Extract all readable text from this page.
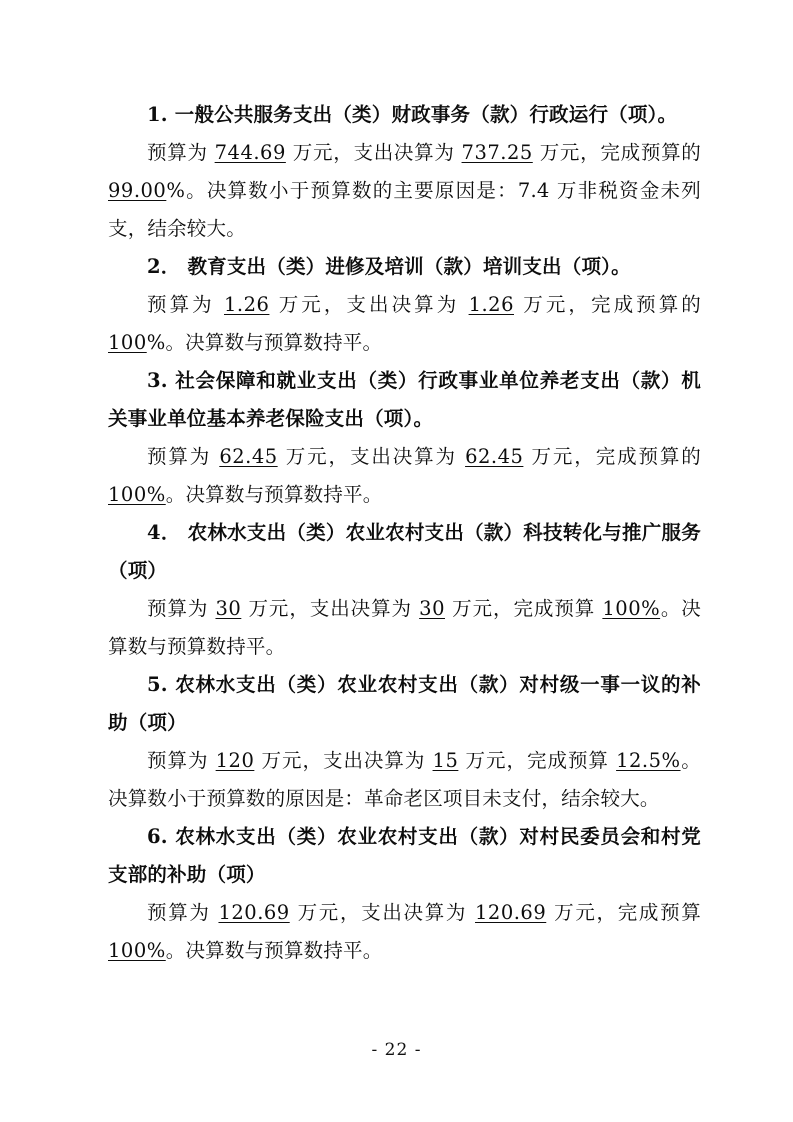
1. 一般公共服务支出（类）财政事务（款）行政运行（项）。

预算为 744.69 万元，支出决算为 737.25 万元，完成预算的 99.00%。决算数小于预算数的主要原因是：7.4 万非税资金未列支，结余较大。

2． 教育支出（类）进修及培训（款）培训支出（项）。

预算为 1.26 万元，支出决算为 1.26 万元，完成预算的 100%。决算数与预算数持平。

3. 社会保障和就业支出（类）行政事业单位养老支出（款）机关事业单位基本养老保险支出（项）。

预算为 62.45 万元，支出决算为 62.45 万元，完成预算的 100%。决算数与预算数持平。

4． 农林水支出（类）农业农村支出（款）科技转化与推广服务（项）

预算为 30 万元，支出决算为 30 万元，完成预算 100%。决算数与预算数持平。

5. 农林水支出（类）农业农村支出（款）对村级一事一议的补助（项）

预算为 120 万元，支出决算为 15 万元，完成预算 12.5%。决算数小于预算数的原因是：革命老区项目未支付，结余较大。

6. 农林水支出（类）农业农村支出（款）对村民委员会和村党支部的补助（项）

预算为 120.69 万元，支出决算为 120.69 万元，完成预算 100%。决算数与预算数持平。

- 22 -
